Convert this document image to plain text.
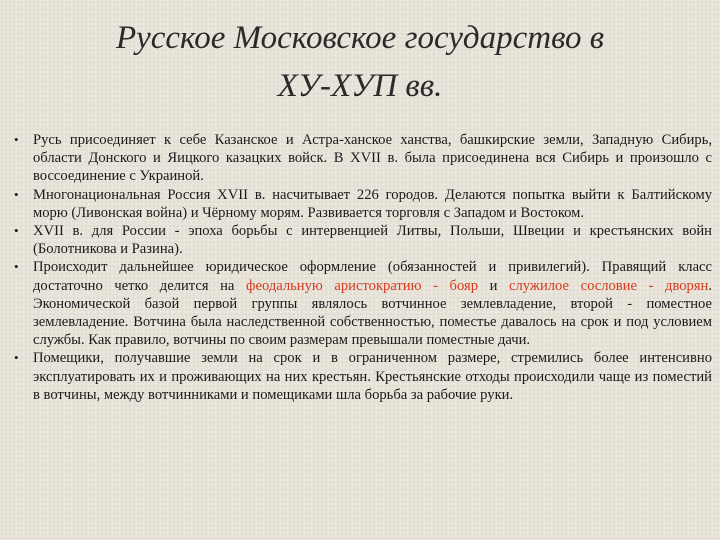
Русское Московское государство в
ХУ-ХУП вв.
• Русь присоединяет к себе Казанское и Астра-ханское ханства, башкирские земли, Западную Сибирь, области Донского и Яицкого казацких войск. В XVII в. была присоединена вся Сибирь и произошло с воссоединение с Украиной.
• Многонациональная Россия XVII в. насчитывает 226 городов. Делаются попытка выйти к Балтийскому морю (Ливонская война) и Чёрному морям. Развивается торговля с Западом и Востоком.
• XVII в. для России - эпоха борьбы с интервенцией Литвы, Польши, Швеции и крестьянских войн (Болотникова и Разина).
• Происходит дальнейшее юридическое оформление (обязанностей и привилегий). Правящий класс достаточно четко делится на феодальную аристократию - бояр и служилое сословие - дворян. Экономической базой первой группы являлось вотчинное землевладение, второй - поместное землевладение. Вотчина была наследственной собственностью, поместье давалось на срок и под условием службы. Как правило, вотчины по своим размерам превышали поместные дачи.
• Помещики, получавшие земли на срок и в ограниченном размере, стремились более интенсивно эксплуатировать их и проживающих на них крестьян. Крестьянские отходы происходили чаще из поместий в вотчины, между вотчинниками и помещиками шла борьба за рабочие руки.
